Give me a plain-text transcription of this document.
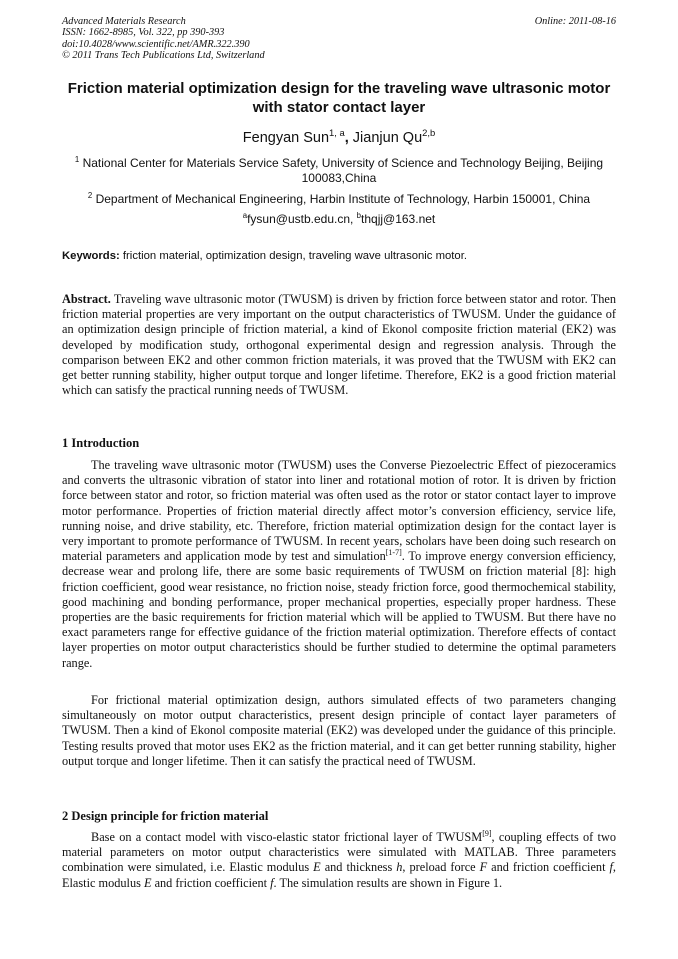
Advanced Materials Research
ISSN: 1662-8985, Vol. 322, pp 390-393
doi:10.4028/www.scientific.net/AMR.322.390
© 2011 Trans Tech Publications Ltd, Switzerland
Online: 2011-08-16
Friction material optimization design for the traveling wave ultrasonic motor with stator contact layer
Fengyan Sun$^{1, a}$, Jianjun Qu$^{2,b}$
$^1$ National Center for Materials Service Safety, University of Science and Technology Beijing, Beijing 100083,China
$^2$ Department of Mechanical Engineering, Harbin Institute of Technology, Harbin 150001, China
$^a$fysun@ustb.edu.cn, $^b$thqjj@163.net
Keywords: friction material, optimization design, traveling wave ultrasonic motor.
Abstract. Traveling wave ultrasonic motor (TWUSM) is driven by friction force between stator and rotor. Then friction material properties are very important on the output characteristics of TWUSM. Under the guidance of an optimization design principle of friction material, a kind of Ekonol composite friction material (EK2) was developed by modification study, orthogonal experimental design and regression analysis. Through the comparison between EK2 and other common friction materials, it was proved that the TWUSM with EK2 can get better running stability, higher output torque and longer lifetime. Therefore, EK2 is a good friction material which can satisfy the practical running needs of TWUSM.
1 Introduction

The traveling wave ultrasonic motor (TWUSM) uses the Converse Piezoelectric Effect of piezoceramics and converts the ultrasonic vibration of stator into liner and rotational motion of rotor. It is driven by friction force between stator and rotor, so friction material was often used as the rotor or stator contact layer to improve motor performance. Properties of friction material directly affect motor’s conversion efficiency, service life, running noise, and drive stability, etc. Therefore, friction material optimization design for the contact layer is very important to promote performance of TWUSM. In recent years, scholars have been doing such research on material parameters and application mode by test and simulation[1-7]. To improve energy conversion efficiency, decrease wear and prolong life, there are some basic requirements of TWUSM on friction material [8]: high friction coefficient, good wear resistance, no friction noise, steady friction force, good thermochemical stability, good machining and bonding performance, proper mechanical properties, especially proper hardness. These properties are the basic requirements for friction material which will be applied to TWUSM. But there have no exact parameters range for effective guidance of the friction material optimization. Therefore effects of contact layer properties on motor output characteristics should be further studied to determine the optimal parameters range.

For frictional material optimization design, authors simulated effects of two parameters changing simultaneously on motor output characteristics, present design principle of contact layer parameters of TWUSM. Then a kind of Ekonol composite material (EK2) was developed under the guidance of this principle. Testing results proved that motor uses EK2 as the friction material, and it can get better running stability, higher output torque and longer lifetime. Then it can satisfy the practical need of TWUSM.

2 Design principle for friction material

Base on a contact model with visco-elastic stator frictional layer of TWUSM[9], coupling effects of two material parameters on motor output characteristics were simulated with MATLAB. Three parameters combination were simulated, i.e. Elastic modulus E and thickness h, preload force F and friction coefficient f, Elastic modulus E and friction coefficient f. The simulation results are shown in Figure 1.
